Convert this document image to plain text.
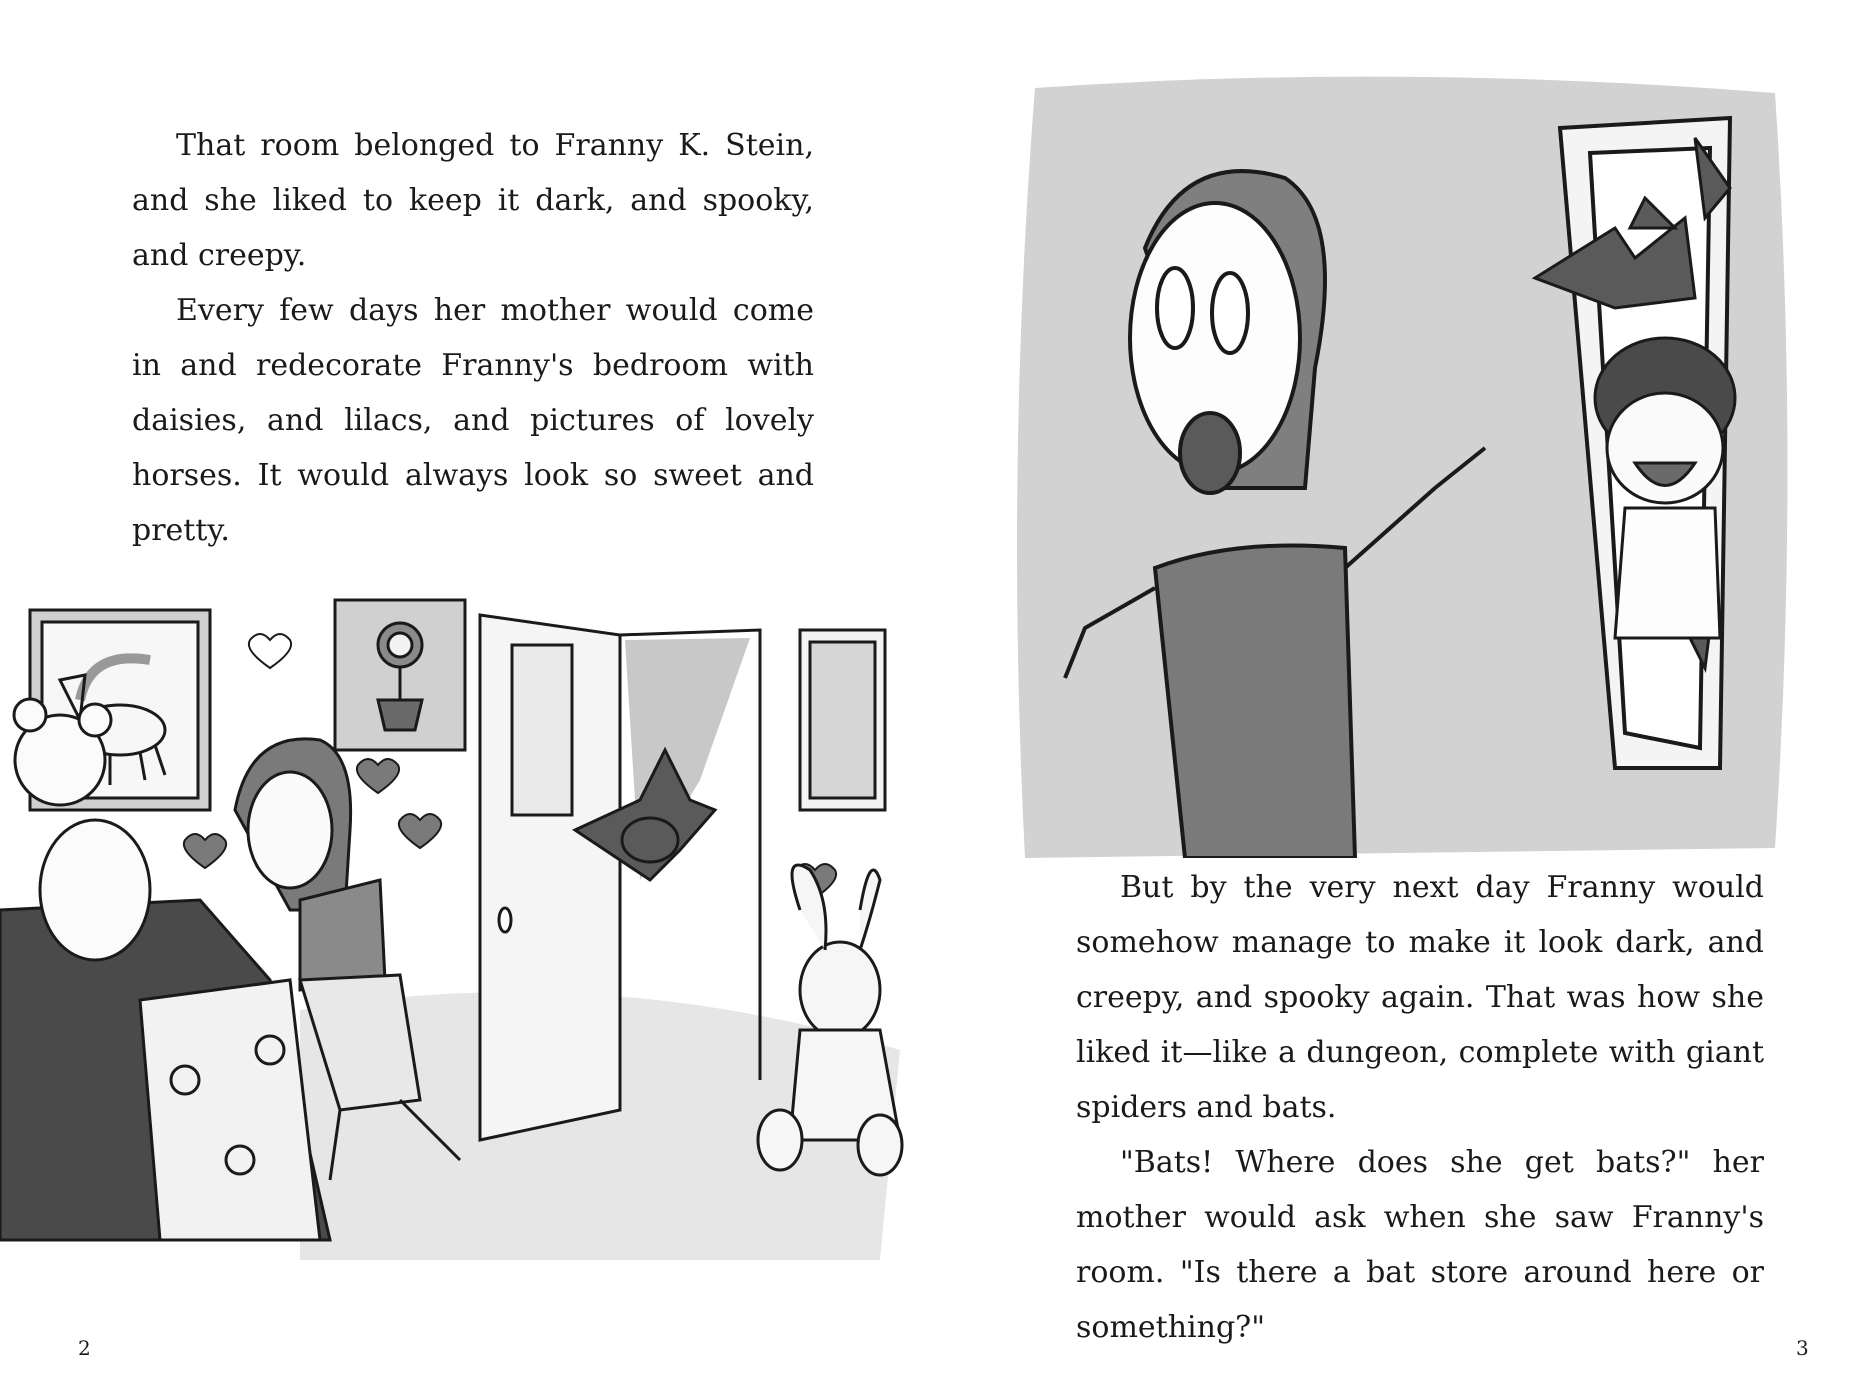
That room belonged to Franny K. Stein, and she liked to keep it dark, and spooky, and creepy.

Every few days her mother would come in and redecorate Franny's bedroom with daisies, and lilacs, and pictures of lovely horses. It would always look so sweet and pretty.

2

But by the very next day Franny would somehow manage to make it look dark, and creepy, and spooky again. That was how she liked it—like a dungeon, complete with giant spiders and bats.

"Bats! Where does she get bats?" her mother would ask when she saw Franny's room. "Is there a bat store around here or something?"

3
